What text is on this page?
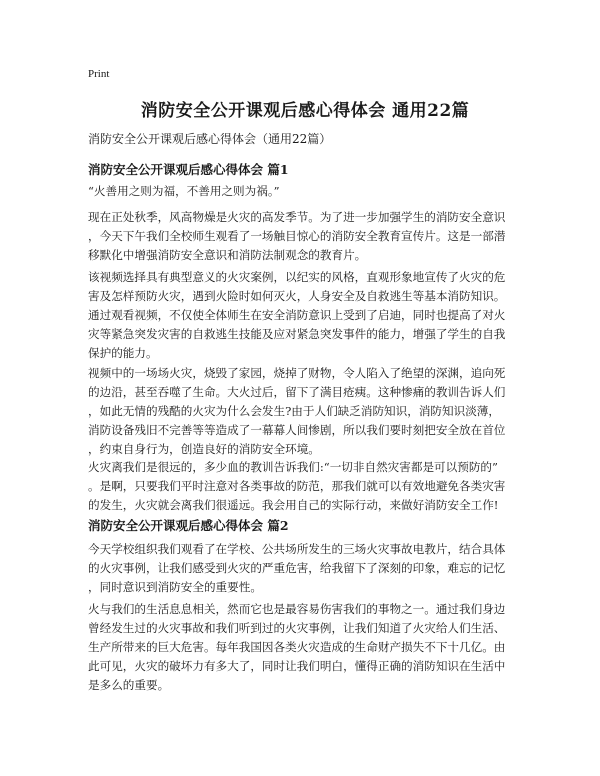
Print
消防安全公开课观后感心得体会 通用22篇
消防安全公开课观后感心得体会（通用22篇）
消防安全公开课观后感心得体会 篇1
“火善用之则为福，不善用之则为祸。”
现在正处秋季，风高物燥是火灾的高发季节。为了进一步加强学生的消防安全意识
，今天下午我们全校师生观看了一场触目惊心的消防安全教育宣传片。这是一部潜
移默化中增强消防安全意识和消防法制观念的教育片。
该视频选择具有典型意义的火灾案例，以纪实的风格，直观形象地宣传了火灾的危
害及怎样预防火灾，遇到火险时如何灭火，人身安全及自救逃生等基本消防知识。
通过观看视频，不仅使全体师生在安全消防意识上受到了启迪，同时也提高了对火
灾等紧急突发灾害的自救逃生技能及应对紧急突发事件的能力，增强了学生的自我
保护的能力。
视频中的一场场火灾，烧毁了家园，烧掉了财物，令人陷入了绝望的深渊，追向死
的边沿，甚至吞噬了生命。大火过后，留下了满目疮痍。这种惨痛的教训告诉人们
，如此无情的残酷的火灾为什么会发生?由于人们缺乏消防知识，消防知识淡薄，
消防设备残旧不完善等等造成了一幕幕人间惨剧，所以我们要时刻把安全放在首位
，约束自身行为，创造良好的消防安全环境。
火灾离我们是很远的，多少血的教训告诉我们:“一切非自然灾害都是可以预防的”
。是啊，只要我们平时注意对各类事故的防范，那我们就可以有效地避免各类灾害
的发生，火灾就会离我们很遥远。我会用自己的实际行动，来做好消防安全工作!
消防安全公开课观后感心得体会 篇2
今天学校组织我们观看了在学校、公共场所发生的三场火灾事故电教片，结合具体
的火灾事例，让我们感受到火灾的严重危害，给我留下了深刻的印象，难忘的记忆
，同时意识到消防安全的重要性。
火与我们的生活息息相关，然而它也是最容易伤害我们的事物之一。通过我们身边
曾经发生过的火灾事故和我们听到过的火灾事例，让我们知道了火灾给人们生活、
生产所带来的巨大危害。每年我国因各类火灾造成的生命财产损失不下十几亿。由
此可见，火灾的破坏力有多大了，同时让我们明白，懂得正确的消防知识在生活中
是多么的重要。
